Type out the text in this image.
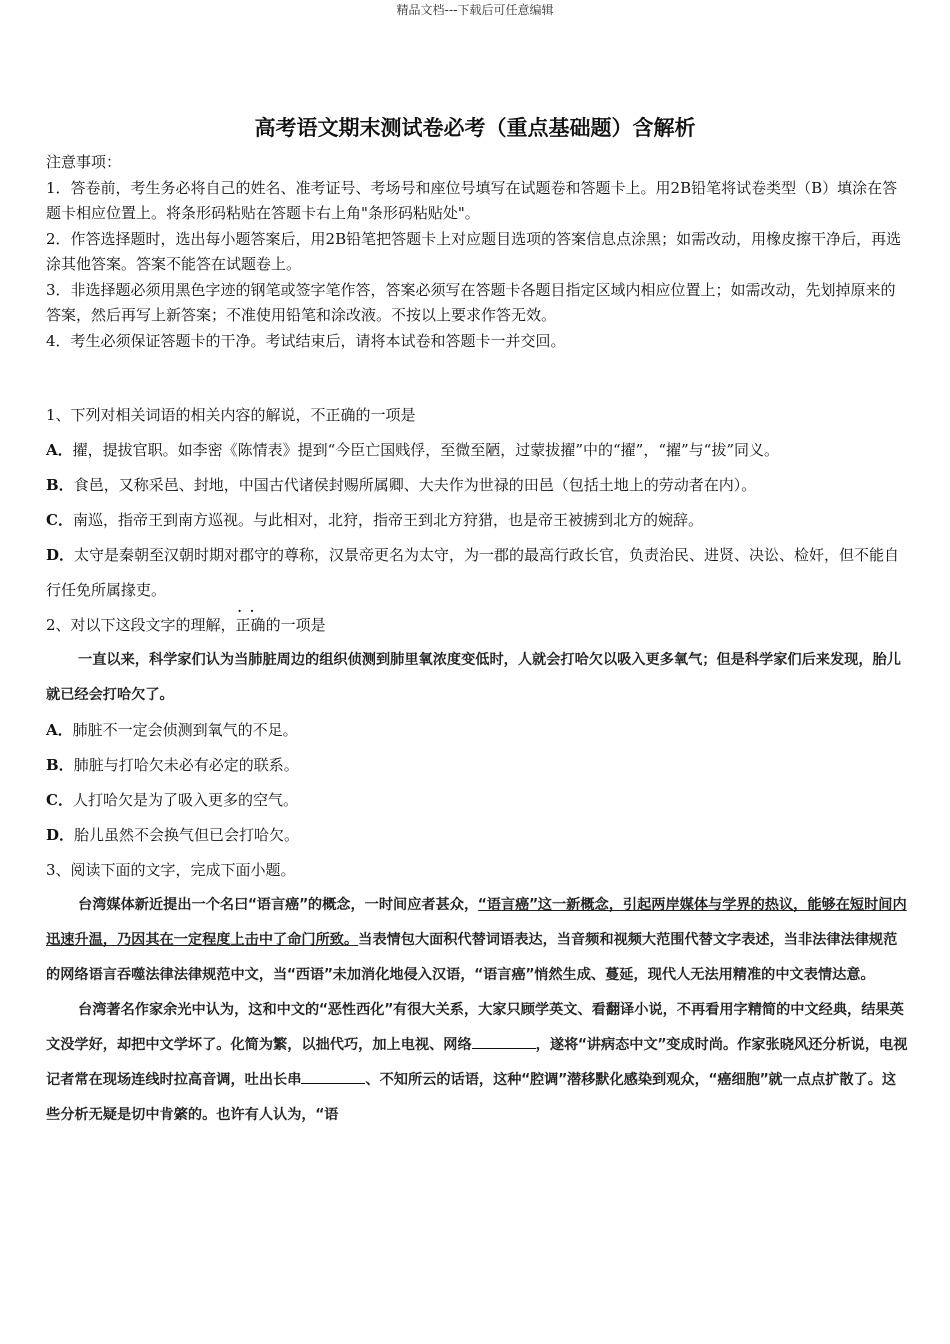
精品文档---下载后可任意编辑
高考语文期末测试卷必考（重点基础题）含解析

注意事项：

1．答卷前，考生务必将自己的姓名、准考证号、考场号和座位号填写在试题卷和答题卡上。用2B铅笔将试卷类型（B）填涂在答题卡相应位置上。将条形码粘贴在答题卡右上角"条形码粘贴处"。

2．作答选择题时，选出每小题答案后，用2B铅笔把答题卡上对应题目选项的答案信息点涂黑；如需改动，用橡皮擦干净后，再选涂其他答案。答案不能答在试题卷上。

3．非选择题必须用黑色字迹的钢笔或签字笔作答，答案必须写在答题卡各题目指定区域内相应位置上；如需改动，先划掉原来的答案，然后再写上新答案；不准使用铅笔和涂改液。不按以上要求作答无效。

4．考生必须保证答题卡的干净。考试结束后，请将本试卷和答题卡一并交回。

1、下列对相关词语的相关内容的解说，不正确的一项是

A．擢，提拔官职。如李密《陈情表》提到“今臣亡国贱俘，至微至陋，过蒙拔擢”中的“擢”，“擢”与“拔”同义。

B．食邑，又称采邑、封地，中国古代诸侯封赐所属卿、大夫作为世禄的田邑（包括土地上的劳动者在内）。

C．南巡，指帝王到南方巡视。与此相对，北狩，指帝王到北方狩猎，也是帝王被掳到北方的婉辞。

D．太守是秦朝至汉朝时期对郡守的尊称，汉景帝更名为太守，为一郡的最高行政长官，负责治民、进贤、决讼、检奸，但不能自行任免所属掾吏。

2、对以下这段文字的理解，· · 正确的一项是

一直以来，科学家们认为当肺脏周边的组织侦测到肺里氧浓度变低时，人就会打哈欠以吸入更多氧气；但是科学家们后来发现，胎儿就已经会打哈欠了。

A．肺脏不一定会侦测到氧气的不足。

B．肺脏与打哈欠未必有必定的联系。

C．人打哈欠是为了吸入更多的空气。

D．胎儿虽然不会换气但已会打哈欠。

3、阅读下面的文字，完成下面小题。

台湾媒体新近提出一个名曰“语言癌”的概念，一时间应者甚众，“语言癌”这一新概念，引起两岸媒体与学界的热议，能够在短时间内迅速升温，乃因其在一定程度上击中了命门所致。当表情包大面积代替词语表达，当音频和视频大范围代替文字表述，当非法律法律规范的网络语言吞噬法律法律规范中文，当“西语”未加消化地侵入汉语，“语言癌”悄然生成、蔓延，现代人无法用精准的中文表情达意。

台湾著名作家余光中认为，这和中文的“恶性西化”有很大关系，大家只顾学英文、看翻译小说，不再看用字精简的中文经典，结果英文没学好，却把中文学坏了。化简为繁，以拙代巧，加上电视、网络	，遂将“讲病态中文”变成时尚。作家张晓风还分析说，电视记者常在现场连线时拉高音调，吐出长串	、不知所云的话语，这种“腔调”潜移默化感染到观众，“癌细胞”就一点点扩散了。这些分析无疑是切中肯綮的。也许有人认为，“语
